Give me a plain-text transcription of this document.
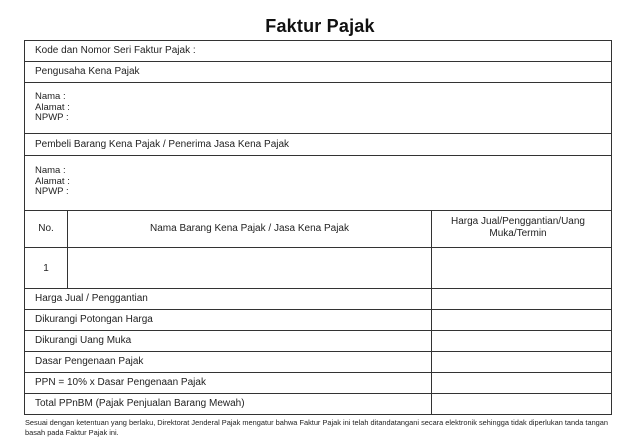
Faktur Pajak
Kode dan Nomor Seri Faktur Pajak :
Pengusaha Kena Pajak
Nama :
Alamat :
NPWP :
Pembeli Barang Kena Pajak / Penerima Jasa Kena Pajak
Nama :
Alamat :
NPWP :
No.	Nama Barang Kena Pajak / Jasa Kena Pajak
Harga Jual/Penggantian/Uang Muka/Termin
1
Harga Jual / Penggantian
Dikurangi Potongan Harga
Dikurangi Uang Muka
Dasar Pengenaan Pajak
PPN = 10% x Dasar Pengenaan Pajak
Total PPnBM (Pajak Penjualan Barang Mewah)
Sesuai dengan ketentuan yang berlaku, Direktorat Jenderal Pajak mengatur bahwa Faktur Pajak ini telah ditandatangani secara elektronik sehingga tidak diperlukan tanda tangan basah pada Faktur Pajak ini.
